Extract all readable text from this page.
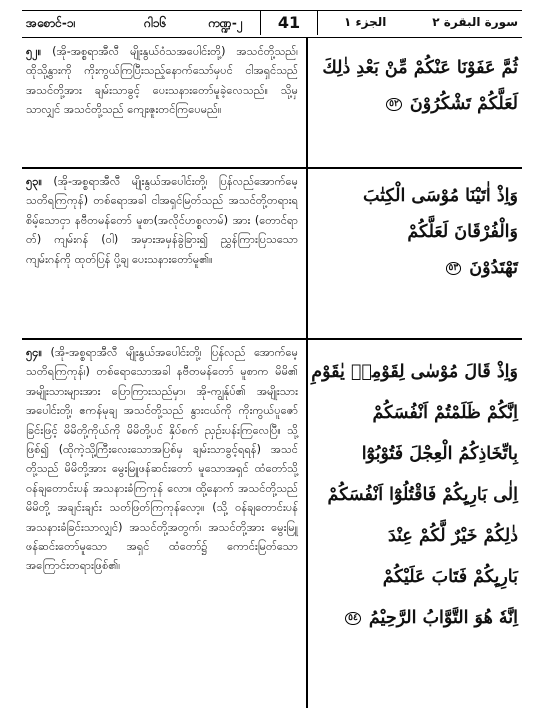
အစောင်-၁၊	ဂါ၁၆	ကဏ္ဍ-၂	41	الجزء ١	سورة البقرة ٢
၅၂။ (အို-အစ္စရာအီလီ မျိုးနွယ်ဝံသအပေါင်းတို့) အသင်တို့သည်၊ ထိုသို့နွားကို ကိုးကွယ်ကြပြီးသည့်နောက်သော်မှပင် ငါအရှင်သည် အသင်တို့အား ချမ်းသာခွင့် ပေးသနားတော်မူခဲ့လေသည်။ သို့မှသာလျှင် အသင်တို့သည် ကျေးဇူးတင်ကြပေမည်။
ثُمَّ عَفَوْنَا عَنْكُمْ مِّنْ بَعْدِ ذٰلِكَ
لَعَلَّكُمْ تَشْكُرُوْنَ ٥٢
၅၃။ (အို-အစ္စရာအီလီ မျိုးနွယ်အပေါင်းတို့၊ ပြန်လည်အောက်မေ့သတိရကြကုန်) တစ်ရောအခါ ငါအရှင်မြတ်သည် အသင်တို့တရားရစိမ့်သောငှာ နဗီတမန်တော် မူစာ(အလိုင်ဟစ္စလာမ်) အား (တောင်ရာတ်) ကျမ်းဂန် (ဝါ) အမှားအမှန်ခွဲခြား၍ ညွှန်ကြားပြသသော ကျမ်းဂန်ကို ထုတ်ပြန် ပို့ချ ပေးသနားတော်မူ၏။
وَاِذْ اٰتَيْنَا مُوْسَى الْكِتٰبَ
وَالْفُرْقَانَ لَعَلَّكُمْ
تَهْتَدُوْنَ ٥٣
၅၄။ (အို-အစ္စရာအီလီ မျိုးနွယ်အပေါင်းတို့၊ ပြန်လည် အောက်မေ့သတိရကြကုန်၊) တစ်ရောသောအခါ နဗီတမန်တော် မူစာက မိမိ၏ အမျိုးသားများအား ပြောကြားသည်မှာ၊ အို-ကျွန်ုပ်၏ အမျိုးသားအပေါင်းတို့၊ ဧကန်မုချ အသင်တို့သည် နွားငယ်ကို ကိုးကွယ်ပူဇော်ခြင်းဖြင့် မိမိတို့ကိုယ်ကို မိမိတို့ပင် နှိပ်စက် ညှဉ်းပန်းကြလေပြီ။ သို့ဖြစ်၍ (ထိုကဲ့သို့ကြီးလေးသောအပြစ်မှ ချမ်းသာခွင့်ရရန်) အသင်တို့သည် မိမိတို့အား မွေးမြူဖန်ဆင်းတော် မူသောအရှင် ထံတော်သို့ ဝန်ချတောင်းပန် အသနားခံကြကုန် လော။ ထို့နောက် အသင်တို့သည် မိမိတို့ အချင်းချင်း သတ်ဖြတ်ကြကုန်လော့။ (သို့ ဝန်ချတောင်းပန် အသနားခံခြင်းသာလျှင်) အသင်တို့အတွက်၊ အသင်တို့အား မွေးမြူဖန်ဆင်းတော်မူသော အရှင် ထံတော်၌ ကောင်းမြတ်သောအကြောင်းတရားဖြစ်၏၊
وَاِذْ قَالَ مُوْسٰى لِقَوْمِهٖ يٰقَوْمِ
اِنَّكُمْ ظَلَمْتُمْ اَنْفُسَكُمْ
بِاتِّخَاذِكُمُ الْعِجْلَ فَتُوْبُوْٓا
اِلٰى بَارِىِٕكُمْ فَاقْتُلُوْٓا اَنْفُسَكُمْ
ذٰلِكُمْ خَيْرٌ لَّكُمْ عِنْدَ
بَارِىِٕكُمْ فَتَابَ عَلَيْكُمْ
اِنَّهٗ هُوَ التَّوَّابُ الرَّحِيْمُ ٥٤
